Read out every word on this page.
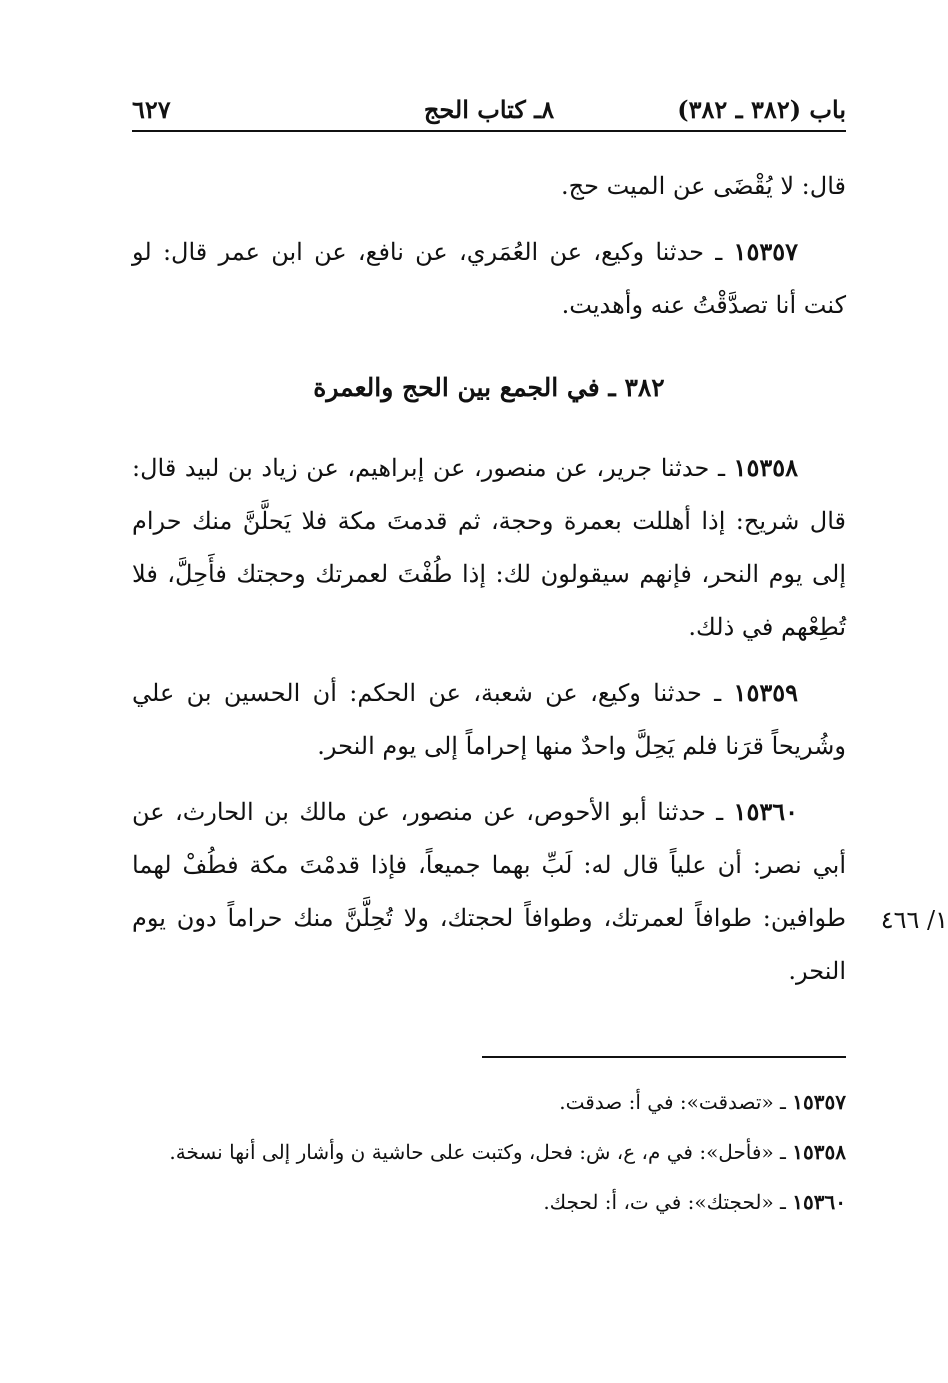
باب (٣٨٢ ـ ٣٨٢)
٨ـ كتاب الحج
٦٢٧

قال: لا يُقْضَى عن الميت حج.

١٥٣٥٧ ـ حدثنا وكيع، عن العُمَري، عن نافع، عن ابن عمر قال: لو كنت أنا تصدَّقْتُ عنه وأهديت.

٣٨٢ ـ في الجمع بين الحج والعمرة

١٥٣٥٨ ـ حدثنا جرير، عن منصور، عن إبراهيم، عن زياد بن لبيد قال: قال شريح: إذا أهللت بعمرة وحجة، ثم قدمتَ مكة فلا يَحلَّنَّ منك حرام إلى يوم النحر، فإنهم سيقولون لك: إذا طُفْتَ لعمرتك وحجتك فأَحِلَّ، فلا تُطِعْهم في ذلك.

١٥٣٥٩ ـ حدثنا وكيع، عن شعبة، عن الحكم: أن الحسين بن علي وشُريحاً قرَنا فلم يَحِلَّ واحدٌ منها إحراماً إلى يوم النحر.

١٥٣٦٠ ـ حدثنا أبو الأحوص، عن منصور، عن مالك بن الحارث، عن أبي نصر: أن علياً قال له: لَبِّ بهما جميعاً، فإذا قدمْتَ مكة فطُفْ لهما طوافين: طوافاً لعمرتك، وطوافاً لحجتك، ولا تُحِلَّنَّ منك حراماً دون يوم النحر.

١/ ٤٦٦

١٥٣٥٧ ـ «تصدقت»: في أ: صدقت.

١٥٣٥٨ ـ «فأحل»: في م، ع، ش: فحل، وكتبت على حاشية ن وأشار إلى أنها نسخة.

١٥٣٦٠ ـ «لحجتك»: في ت، أ: لحجك.
